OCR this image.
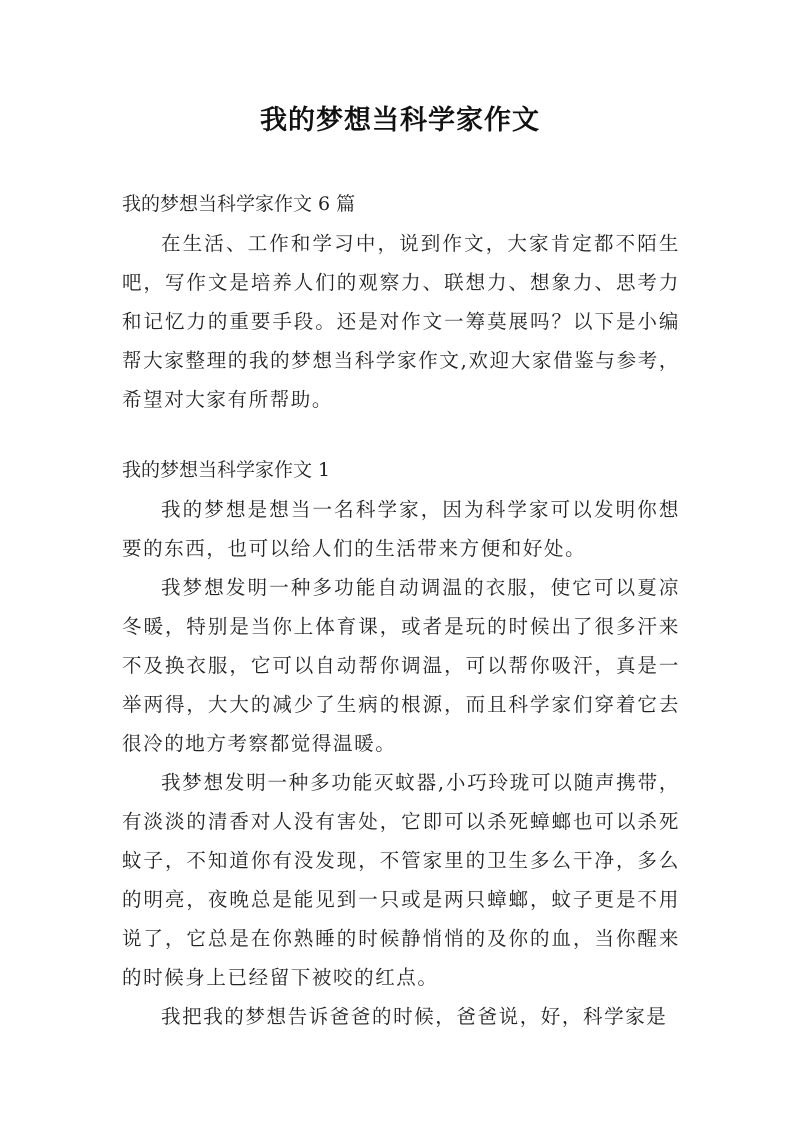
我的梦想当科学家作文

我的梦想当科学家作文 6 篇

在生活、工作和学习中，说到作文，大家肯定都不陌生吧，写作文是培养人们的观察力、联想力、想象力、思考力和记忆力的重要手段。还是对作文一筹莫展吗？以下是小编帮大家整理的我的梦想当科学家作文,欢迎大家借鉴与参考，希望对大家有所帮助。

我的梦想当科学家作文 1

我的梦想是想当一名科学家，因为科学家可以发明你想要的东西，也可以给人们的生活带来方便和好处。

我梦想发明一种多功能自动调温的衣服，使它可以夏凉冬暖，特别是当你上体育课，或者是玩的时候出了很多汗来不及换衣服，它可以自动帮你调温，可以帮你吸汗，真是一举两得，大大的减少了生病的根源，而且科学家们穿着它去很冷的地方考察都觉得温暖。

我梦想发明一种多功能灭蚊器,小巧玲珑可以随声携带，有淡淡的清香对人没有害处，它即可以杀死蟑螂也可以杀死蚊子，不知道你有没发现，不管家里的卫生多么干净，多么的明亮，夜晚总是能见到一只或是两只蟑螂，蚊子更是不用说了，它总是在你熟睡的时候静悄悄的及你的血，当你醒来的时候身上已经留下被咬的红点。

我把我的梦想告诉爸爸的时候，爸爸说，好，科学家是
